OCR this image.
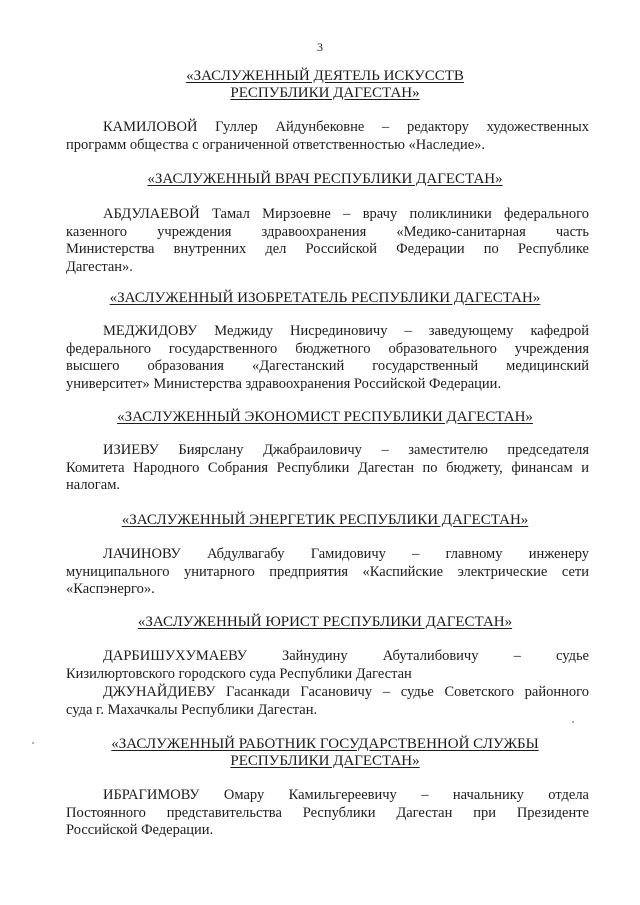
3
«ЗАСЛУЖЕННЫЙ ДЕЯТЕЛЬ ИСКУССТВ
РЕСПУБЛИКИ ДАГЕСТАН»
КАМИЛОВОЙ Гуллер Айдунбековне – редактору художественных
программ обществa с ограниченной ответственностью «Наследие».
«ЗАСЛУЖЕННЫЙ ВРАЧ РЕСПУБЛИКИ ДАГЕСТАН»
АБДУЛАЕВОЙ Тамал Мирзоевне – врачу поликлиники федерального
казенного учреждения здравоохранения «Медико-санитарная часть
Министерства внутренних дел Российской Федерации по Республике
Дагестан».
«ЗАСЛУЖЕННЫЙ ИЗОБРЕТАТЕЛЬ РЕСПУБЛИКИ ДАГЕСТАН»
МЕДЖИДОВУ Меджиду Нисрединовичу – заведующему кафедрой
федерального государственного бюджетного образовательного учреждения
высшего образования «Дагестанский государственный медицинский
университет» Министерства здравоохранения Российской Федерации.
«ЗАСЛУЖЕННЫЙ ЭКОНОМИСТ РЕСПУБЛИКИ ДАГЕСТАН»
ИЗИЕВУ Биярслану Джабраиловичу – заместителю председателя
Комитета Народного Собрания Республики Дагестан по бюджету, финансам и
налогам.
«ЗАСЛУЖЕННЫЙ ЭНЕРГЕТИК РЕСПУБЛИКИ ДАГЕСТАН»
ЛАЧИНОВУ Абдулвагабу Гамидовичу – главному инженеру
муниципального унитарного предприятия «Каспийские электрические сети
«Каспэнерго».
«ЗАСЛУЖЕННЫЙ ЮРИСТ РЕСПУБЛИКИ ДАГЕСТАН»
ДАРБИШУХУМАЕВУ Зайнудину Абуталибовичу – судье
Кизилюртовского городского суда Республики Дагестан
ДЖУНАЙДИЕВУ Гасанкади Гасановичу – судье Советского районного
суда г. Махачкалы Республики Дагестан.
«ЗАСЛУЖЕННЫЙ РАБОТНИК ГОСУДАРСТВЕННОЙ СЛУЖБЫ
РЕСПУБЛИКИ ДАГЕСТАН»
ИБРАГИМОВУ Омару Камильгереевичу – начальнику отдела
Постоянного представительства Республики Дагестан при Президенте
Российской Федерации.
